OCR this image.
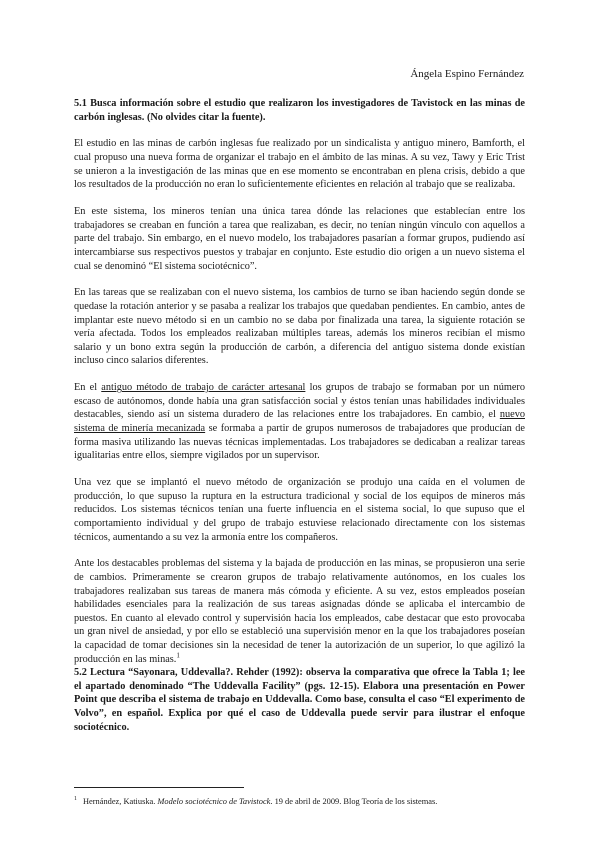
Ángela Espino Fernández

5.1 Busca información sobre el estudio que realizaron los investigadores de Tavistock en las minas de carbón inglesas. (No olvides citar la fuente).

El estudio en las minas de carbón inglesas fue realizado por un sindicalista y antiguo minero, Bamforth, el cual propuso una nueva forma de organizar el trabajo en el ámbito de las minas. A su vez, Tawy y Eric Trist se unieron a la investigación de las minas que en ese momento se encontraban en plena crisis, debido a que los resultados de la producción no eran lo suficientemente eficientes en relación al trabajo que se realizaba.

En este sistema, los mineros tenían una única tarea dónde las relaciones que establecían entre los trabajadores se creaban en función a tarea que realizaban, es decir, no tenían ningún vínculo con aquellos a parte del trabajo. Sin embargo, en el nuevo modelo, los trabajadores pasarían a formar grupos, pudiendo así intercambiarse sus respectivos puestos y trabajar en conjunto. Este estudio dio origen a un nuevo sistema el cual se denominó “El sistema sociotécnico”.

En las tareas que se realizaban con el nuevo sistema, los cambios de turno se iban haciendo según donde se quedase la rotación anterior y se pasaba a realizar los trabajos que quedaban pendientes. En cambio, antes de implantar este nuevo método si en un cambio no se daba por finalizada una tarea, la siguiente rotación se vería afectada. Todos los empleados realizaban múltiples tareas, además los mineros recibían el mismo salario y un bono extra según la producción de carbón, a diferencia del antiguo sistema donde existían incluso cinco salarios diferentes.

En el antiguo método de trabajo de carácter artesanal los grupos de trabajo se formaban por un número escaso de autónomos, donde había una gran satisfacción social y éstos tenían unas habilidades individuales destacables, siendo así un sistema duradero de las relaciones entre los trabajadores. En cambio, el nuevo sistema de minería mecanizada se formaba a partir de grupos numerosos de trabajadores que producían de forma masiva utilizando las nuevas técnicas implementadas. Los trabajadores se dedicaban a realizar tareas igualitarias entre ellos, siempre vigilados por un supervisor.

Una vez que se implantó el nuevo método de organización se produjo una caída en el volumen de producción, lo que supuso la ruptura en la estructura tradicional y social de los equipos de mineros más reducidos. Los sistemas técnicos tenían una fuerte influencia en el sistema social, lo que supuso que el comportamiento individual y del grupo de trabajo estuviese relacionado directamente con los sistemas técnicos, aumentando a su vez la armonía entre los compañeros.

Ante los destacables problemas del sistema y la bajada de producción en las minas, se propusieron una serie de cambios. Primeramente se crearon grupos de trabajo relativamente autónomos, en los cuales los trabajadores realizaban sus tareas de manera más cómoda y eficiente. A su vez, estos empleados poseían habilidades esenciales para la realización de sus tareas asignadas dónde se aplicaba el intercambio de puestos. En cuanto al elevado control y supervisión hacia los empleados, cabe destacar que esto provocaba un gran nivel de ansiedad, y por ello se estableció una supervisión menor en la que los trabajadores poseían la capacidad de tomar decisiones sin la necesidad de tener la autorización de un superior, lo que agilizó la producción en las minas.$^1$

5.2 Lectura “Sayonara, Uddevalla?. Rehder (1992): observa la comparativa que ofrece la Tabla 1; lee el apartado denominado “The Uddevalla Facility” (pgs. 12-15). Elabora una presentación en Power Point que describa el sistema de trabajo en Uddevalla. Como base, consulta el caso “El experimento de Volvo”, en español. Explica por qué el caso de Uddevalla puede servir para ilustrar el enfoque sociotécnico.

$^1$ Hernández, Katiuska. Modelo sociotécnico de Tavistock. 19 de abril de 2009. Blog Teoría de los sistemas.
